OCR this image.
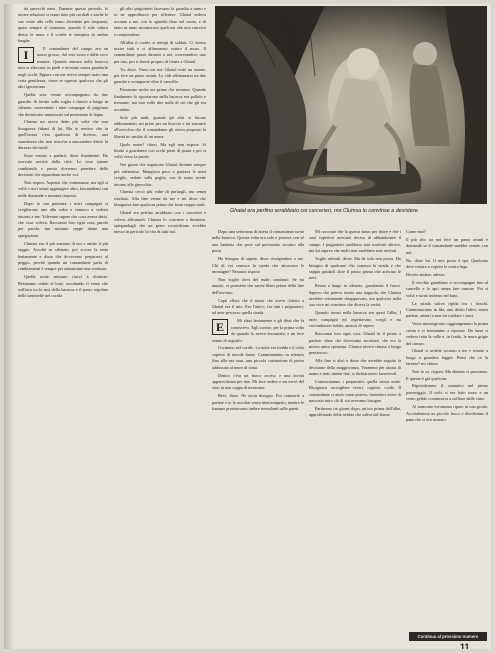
da parecchi mesi. Durante questo periodo, le nostre relazioni si erano fatte più cordiali e anche le sue visite alla cella erano diventate più frequenti, quasi sempre al tramonto, quando il sole calava dietro le mura e il cortile si riempiva di ombre lunghe.

I	Il comandante del campo era un uomo grosso, dal viso rosso e dalla voce tonante. Quando entrava nella baracca tutti si alzavano in piedi e nessuno osava guardarlo negli occhi. Eppure con me aveva sempre usato una certa gentilezza, come se sapesse qualcosa che gli altri ignoravano.

Quella sera venne accompagnato da due guardie. Si fermò sulla soglia e rimase a lungo in silenzio, osservando i miei compagni di prigionia che dormivano ammassati sul pavimento di legno.

Clumsa mi aveva detto più volte che non bisognava fidarsi di lui. Ma io sentivo che in quell'uomo c'era qualcosa di diverso, una stanchezza che non riusciva a nascondere dietro la durezza dei modi.

Sono venuto a parlarti, disse finalmente. Ho ricevuto notizie dalla città. Le cose stanno cambiando e presto dovremo prendere delle decisioni che riguardano anche voi.

Non risposi. Aspettai che continuasse, ma egli si voltò e uscì senza aggiungere altro, lasciandomi con mille domande e nessuna risposta.

Dopo la sua partenza i miei compagni si svegliarono uno alla volta e vennero a sedersi intorno a me. Volevano sapere che cosa aveva detto, che cosa voleva. Raccontai loro ogni cosa, parola per parola, ma nessuno seppe darne una spiegazione.

Clumsa era il più anziano di noi e anche il più saggio. Ascoltò in silenzio, poi scosse la testa lentamente e disse che dovevamo prepararci al peggio, perché quando un comandante parla di cambiamenti è sempre per annunciare una sventura.

Quella notte nessuno riuscì a dormire. Restammo seduti al buio, ascoltando il vento che soffiava tra le assi della baracca e il passo regolare delle sentinelle nel cortile.

gli altri prigionieri facevano la guardia a turno e io ne approfittavo per riflettere. Ghatal sedeva accanto a me, con lo sguardo fisso nel vuoto, e di tanto in tanto mormorava qualcosa che non riuscivo a comprendere.

All'alba il cortile si riempì di soldati. Ci fecero uscire tutti e ci allinearono contro il muro. Il comandante passò davanti a noi, osservandoci uno per uno, poi si fermò proprio di fronte a Ghatal.

Tu, disse. Vieni con me. Ghatal esitò un istante, poi fece un passo avanti. Lo vidi allontanarsi tra due guardie e scomparire oltre il cancello.

Passarono molte ore prima che tornasse. Quando finalmente lo riportarono nella baracca era pallido e tremante, ma non volle dire nulla di ciò che gli era accaduto.

Solo più tardi, quando gli altri si furono addormentati, mi prese per un braccio e mi sussurrò all'orecchio che il comandante gli aveva proposto la libertà in cambio di un nome.

Quale nome? chiesi. Ma egli non rispose. Si limitò a guardarmi con occhi pieni di paura e poi si voltò verso la parete.

Nei giorni che seguirono Ghatal divenne sempre più silenzioso. Mangiava poco e passava le notti sveglio, seduto sulla paglia, con le mani strette intorno alle ginocchia.

Clumsa cercò più volte di parlargli, ma senza risultato. Alla fine venne da me e mi disse che bisognava fare qualcosa prima che fosse troppo tardi.

Ghatal era perfino arrabbiato con i carcerieri e voleva affrontarli. Clumsa lo convinse a desistere, spiegandogli che un gesto sconsiderato avrebbe messo in pericolo la vita di tutti noi.

Ghatal era perfino arrabbiato coi carcerieri, ma Clumsa lo convinse a desistere.

Dopo una settimana di attesa il comandante tornò nella baracca. Questa volta era solo e portava con sé una lanterna che posò sul pavimento accanto alla porta.

Ho bisogno di sapere, disse rivolgendosi a me. Chi di voi conosce la strada che attraversa le montagne? Nessuno rispose.

Non voglio farvi del male, continuò. Se mi aiutate, vi prometto che sarete liberi prima della fine dell'inverno.

Capii allora che il nome che aveva chiesto a Ghatal era il mio. Ero l'unico, fra tutti i prigionieri, ad aver percorso quella strada.

E	Mi alzai lentamente e gli dissi che la conoscevo. Egli sorrise, per la prima volta da quando lo avevo incontrato, e mi fece cenno di seguirlo.

Uscimmo nel cortile. La notte era fredda e il cielo coperto di nuvole basse. Camminammo in silenzio fino alla sua casa, una piccola costruzione di pietra addossata al muro di cinta.

Dentro c'era un fuoco acceso e una tavola apparecchiata per due. Mi fece sedere e mi versò del vino in una coppa di terracotta.

Bevi, disse. Ne avrai bisogno. Poi cominciò a parlare e io lo ascoltai senza interromperlo, mentre le fiamme proiettavano ombre tremolanti sulle pareti.

Mi raccontò che la guerra stava per finire e che i suoi superiori avevano deciso di abbandonare il campo. I prigionieri sarebbero stati trasferiti altrove, ma lui sapeva che molti non sarebbero mai arrivati.

Voglio salvarli, disse. Ma da solo non posso. Ho bisogno di qualcuno che conosca la strada e che sappia guidarli oltre il passo prima che arrivino le nevi.

Restai a lungo in silenzio, guardando il fuoco. Sapevo che poteva essere una trappola, che Clumsa avrebbe certamente disapprovato, ma qualcosa nella sua voce mi convinse che diceva la verità.

Quando tornai nella baracca era quasi l'alba. I miei compagni mi aspettavano svegli e mi circondarono subito, ansiosi di sapere.

Raccontai loro ogni cosa. Ghatal fu il primo a parlare: disse che dovevamo accettare, che era la nostra unica speranza. Clumsa invece rimase a lungo pensieroso.

Alla fine si alzò e disse che avrebbe seguito la decisione della maggioranza. Votammo per alzata di mano e tutti, tranne due, si dichiararono favorevoli.

Cominciammo i preparativi quella stessa notte. Bisognava raccogliere viveri, coperte, corde. Il comandante ci aiutò come poteva, facendoci avere di nascosto tutto ciò di cui avevamo bisogno.

Partimmo tre giorni dopo, un'ora prima dell'alba, approfittando della nebbia che saliva dal fiume.

Come mai?

Il più alto tra noi fece un passo avanti e domandò se il comandante sarebbe venuto con noi.

No, disse lui. Il mio posto è qui. Qualcuno deve restare a coprire la vostra fuga.

Dovete andare, adesso.

Il vecchio guardiano ci accompagnò fino al cancello e lo aprì senza fare rumore. Poi si voltò e tornò indietro nel buio.

La strada saliva ripida tra i boschi. Camminavamo in fila, uno dietro l'altro, senza parlare, attenti a non far rotolare i sassi.

Verso mezzogiorno raggiungemmo la prima cresta e ci fermammo a riposare. Da lassù si vedeva tutta la valle e, in fondo, le mura grigie del campo.

Ghatal si sedette accanto a me e rimase a lungo a guardare laggiù. Pensi che ce la faremo? mi chiese.

Non lo so, risposi. Ma almeno ci proviamo. E questo è già qualcosa.

Riprendemmo il cammino nel primo pomeriggio. Il cielo si era fatto scuro e un vento gelido cominciava a soffiare dalle cime.

Al tramonto trovammo riparo in una grotta. Accendemmo un piccolo fuoco e dividemmo il pane che ci era rimasto.

Continua al prossimo numero
11
